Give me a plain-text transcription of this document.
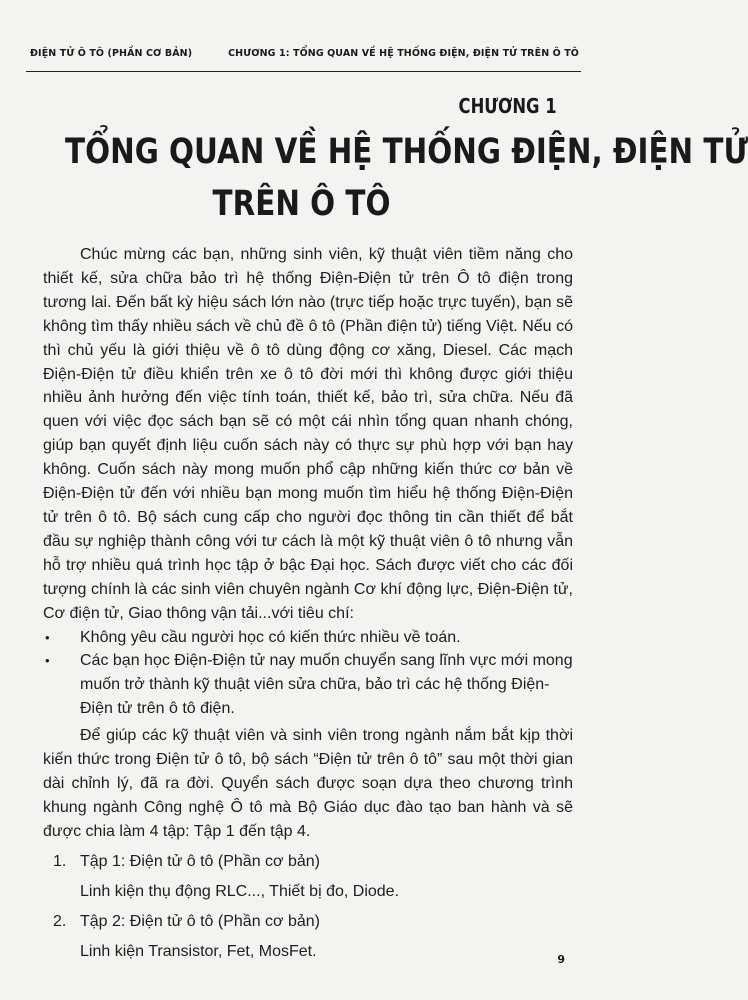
ĐIỆN TỬ Ô TÔ (PHẦN CƠ BẢN)	CHƯƠNG 1: TỔNG QUAN VỀ HỆ THỐNG ĐIỆN, ĐIỆN TỬ TRÊN Ô TÔ
CHƯƠNG 1
TỔNG QUAN VỀ HỆ THỐNG ĐIỆN, ĐIỆN TỬ
TRÊN Ô TÔ

Chúc mừng các bạn, những sinh viên, kỹ thuật viên tiềm năng cho thiết kế, sửa chữa bảo trì hệ thống Điện-Điện tử trên Ô tô điện trong tương lai. Đến bất kỳ hiệu sách lớn nào (trực tiếp hoặc trực tuyến), bạn sẽ không tìm thấy nhiều sách về chủ đề ô tô (Phần điện tử) tiếng Việt. Nếu có thì chủ yếu là giới thiệu về ô tô dùng động cơ xăng, Diesel. Các mạch Điện-Điện tử điều khiển trên xe ô tô đời mới thì không được giới thiệu nhiều ảnh hưởng đến việc tính toán, thiết kế, bảo trì, sửa chữa. Nếu đã quen với việc đọc sách bạn sẽ có một cái nhìn tổng quan nhanh chóng, giúp bạn quyết định liệu cuốn sách này có thực sự phù hợp với bạn hay không. Cuốn sách này mong muốn phổ cập những kiến thức cơ bản về Điện-Điện tử đến với nhiều bạn mong muốn tìm hiểu hệ thống Điện-Điện tử trên ô tô. Bộ sách cung cấp cho người đọc thông tin cần thiết để bắt đầu sự nghiệp thành công với tư cách là một kỹ thuật viên ô tô nhưng vẫn hỗ trợ nhiều quá trình học tập ở bậc Đại học. Sách được viết cho các đối tượng chính là các sinh viên chuyên ngành Cơ khí động lực, Điện-Điện tử, Cơ điện tử, Giao thông vận tải...với tiêu chí:

• Không yêu cầu người học có kiến thức nhiều về toán.
• Các bạn học Điện-Điện tử nay muốn chuyển sang lĩnh vực mới mong muốn trở thành kỹ thuật viên sửa chữa, bảo trì các hệ thống Điện-Điện tử trên ô tô điện.

Để giúp các kỹ thuật viên và sinh viên trong ngành nắm bắt kịp thời kiến thức trong Điện tử ô tô, bộ sách “Điện tử trên ô tô” sau một thời gian dài chỉnh lý, đã ra đời. Quyển sách được soạn dựa theo chương trình khung ngành Công nghệ Ô tô mà Bộ Giáo dục đào tạo ban hành và sẽ được chia làm 4 tập: Tập 1 đến tập 4.

1. Tập 1: Điện tử ô tô (Phần cơ bản)
Linh kiện thụ động RLC..., Thiết bị đo, Diode.
2. Tập 2: Điện tử ô tô (Phần cơ bản)
Linh kiện Transistor, Fet, MosFet.	9
